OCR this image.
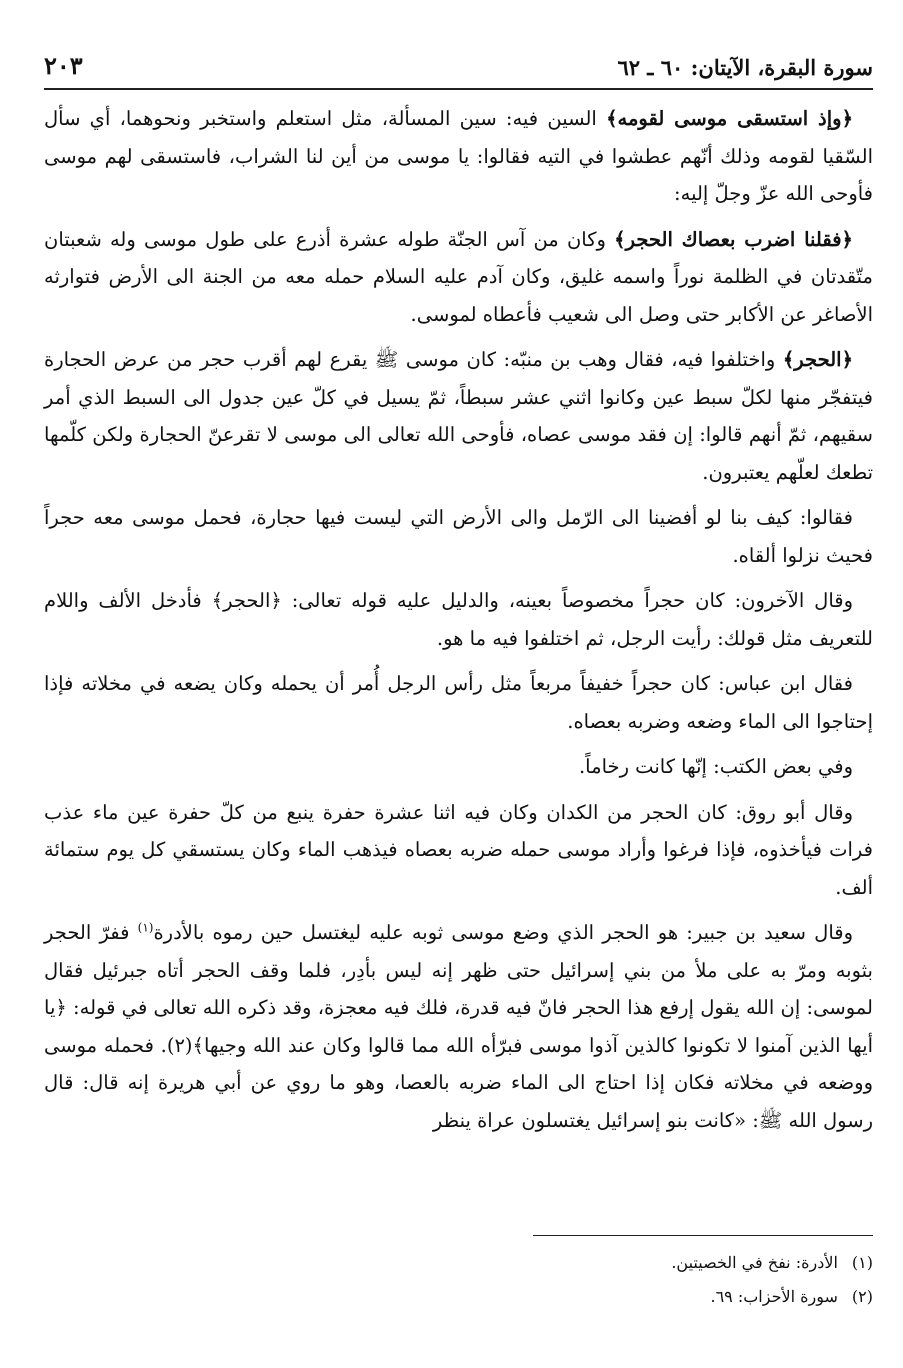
سورة البقرة، الآيتان: ٦٠ ـ ٦٢
٢٠٣

﴿وإذ استسقى موسى لقومه﴾ السين فيه: سين المسألة، مثل استعلم واستخبر ونحوهما، أي سأل السّقيا لقومه وذلك أنّهم عطشوا في التيه فقالوا: يا موسى من أين لنا الشراب، فاستسقى لهم موسى فأوحى الله عزّ وجلّ إليه:

﴿فقلنا اضرب بعصاك الحجر﴾ وكان من آس الجنّة طوله عشرة أذرع على طول موسى وله شعبتان متّقدتان في الظلمة نوراً واسمه غليق، وكان آدم عليه السلام حمله معه من الجنة الى الأرض فتوارثه الأصاغر عن الأكابر حتى وصل الى شعيب فأعطاه لموسى.

﴿الحجر﴾ واختلفوا فيه، فقال وهب بن منبّه: كان موسى ﷺ يقرع لهم أقرب حجر من عرض الحجارة فيتفجّر منها لكلّ سبط عين وكانوا اثني عشر سبطاً، ثمّ يسيل في كلّ عين جدول الى السبط الذي أمر سقيهم، ثمّ أنهم قالوا: إن فقد موسى عصاه، فأوحى الله تعالى الى موسى لا تقرعنّ الحجارة ولكن كلّمها تطعك لعلّهم يعتبرون.

فقالوا: كيف بنا لو أفضينا الى الرّمل والى الأرض التي ليست فيها حجارة، فحمل موسى معه حجراً فحيث نزلوا ألقاه.

وقال الآخرون: كان حجراً مخصوصاً بعينه، والدليل عليه قوله تعالى: ﴿الحجر﴾ فأدخل الألف واللام للتعريف مثل قولك: رأيت الرجل، ثم اختلفوا فيه ما هو.

فقال ابن عباس: كان حجراً خفيفاً مربعاً مثل رأس الرجل أُمر أن يحمله وكان يضعه في مخلاته فإذا إحتاجوا الى الماء وضعه وضربه بعصاه.

وفي بعض الكتب: إنّها كانت رخاماً.

وقال أبو روق: كان الحجر من الكدان وكان فيه اثنا عشرة حفرة ينبع من كلّ حفرة عين ماء عذب فرات فيأخذوه، فإذا فرغوا وأراد موسى حمله ضربه بعصاه فيذهب الماء وكان يستسقي كل يوم ستمائة ألف.

وقال سعيد بن جبير: هو الحجر الذي وضع موسى ثوبه عليه ليغتسل حين رموه بالأدرة$^{(١)}$ ففرّ الحجر بثوبه ومرّ به على ملأ من بني إسرائيل حتى ظهر إنه ليس بأدِر، فلما وقف الحجر أتاه جبرئيل فقال لموسى: إن الله يقول إرفع هذا الحجر فانّ فيه قدرة، فلك فيه معجزة، وقد ذكره الله تعالى في قوله: ﴿يا أيها الذين آمنوا لا تكونوا كالذين آذوا موسى فبرّأه الله مما قالوا وكان عند الله وجيها﴾(٢). فحمله موسى ووضعه في مخلاته فكان إذا احتاج الى الماء ضربه بالعصا، وهو ما روي عن أبي هريرة إنه قال: قال رسول الله ﷺ: «كانت بنو إسرائيل يغتسلون عراة ينظر

(١)
الأدرة: نفخ في الخصيتين.
(٢)
سورة الأحزاب: ٦٩.
